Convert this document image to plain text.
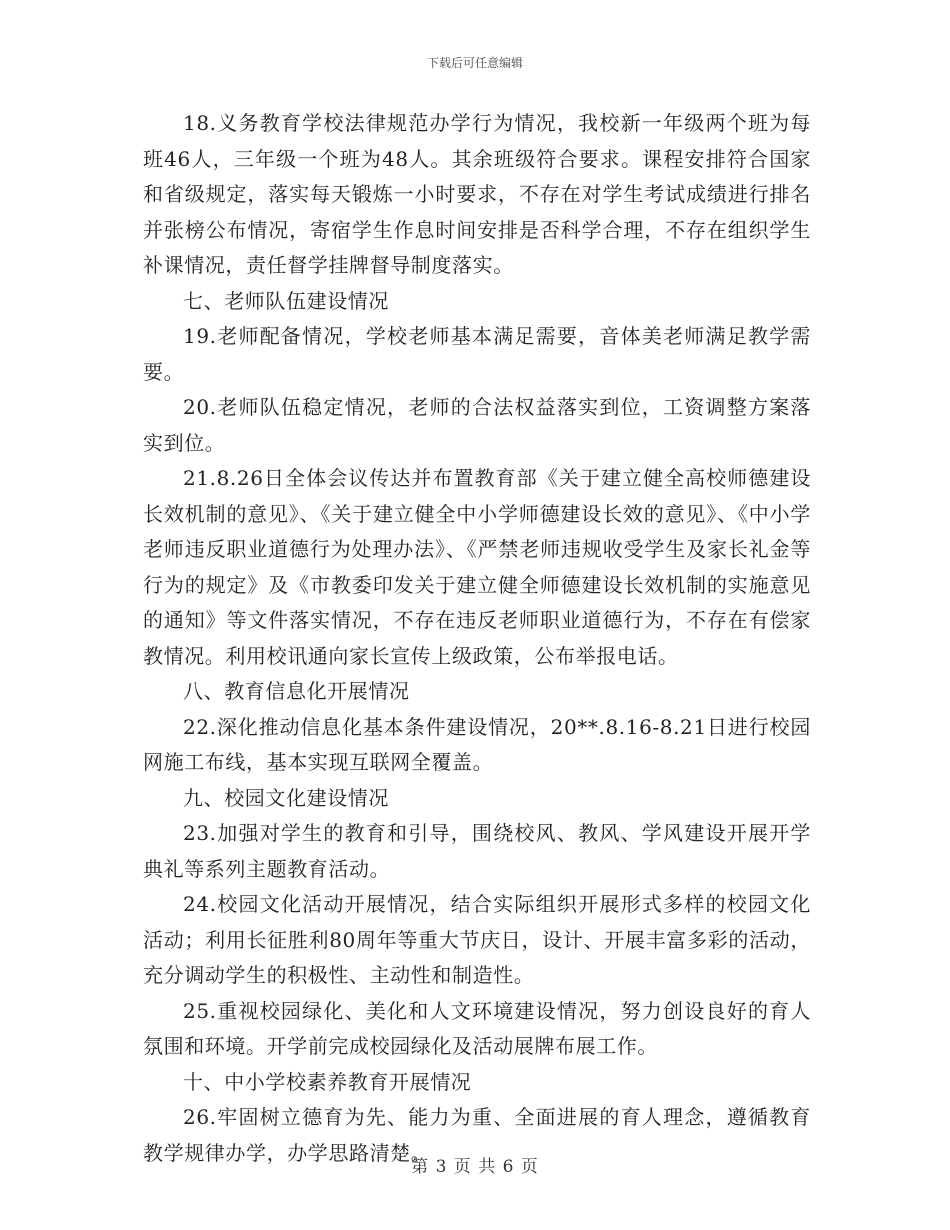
下载后可任意编辑

18.义务教育学校法律规范办学行为情况，我校新一年级两个班为每班46人，三年级一个班为48人。其余班级符合要求。课程安排符合国家和省级规定，落实每天锻炼一小时要求，不存在对学生考试成绩进行排名并张榜公布情况，寄宿学生作息时间安排是否科学合理，不存在组织学生补课情况，责任督学挂牌督导制度落实。

七、老师队伍建设情况

19.老师配备情况，学校老师基本满足需要，音体美老师满足教学需要。

20.老师队伍稳定情况，老师的合法权益落实到位，工资调整方案落实到位。

21.8.26日全体会议传达并布置教育部《关于建立健全高校师德建设长效机制的意见》、《关于建立健全中小学师德建设长效的意见》、《中小学老师违反职业道德行为处理办法》、《严禁老师违规收受学生及家长礼金等行为的规定》及《市教委印发关于建立健全师德建设长效机制的实施意见的通知》等文件落实情况，不存在违反老师职业道德行为，不存在有偿家教情况。利用校讯通向家长宣传上级政策，公布举报电话。

八、教育信息化开展情况

22.深化推动信息化基本条件建设情况，20**.8.16-8.21日进行校园网施工布线，基本实现互联网全覆盖。

九、校园文化建设情况

23.加强对学生的教育和引导，围绕校风、教风、学风建设开展开学典礼等系列主题教育活动。

24.校园文化活动开展情况，结合实际组织开展形式多样的校园文化活动；利用长征胜利80周年等重大节庆日，设计、开展丰富多彩的活动，充分调动学生的积极性、主动性和制造性。

25.重视校园绿化、美化和人文环境建设情况，努力创设良好的育人氛围和环境。开学前完成校园绿化及活动展牌布展工作。

十、中小学校素养教育开展情况

26.牢固树立德育为先、能力为重、全面进展的育人理念，遵循教育教学规律办学，办学思路清楚。

第 3 页 共 6 页
